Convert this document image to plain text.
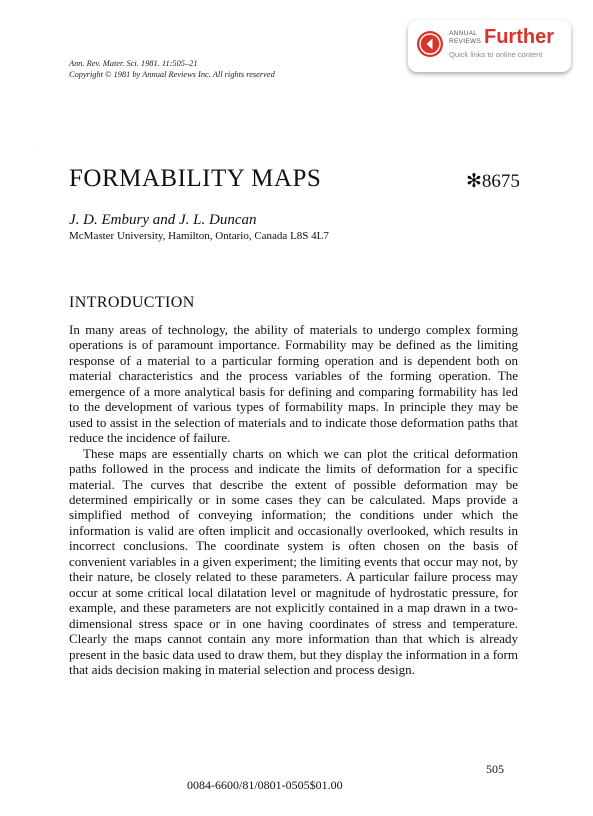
Ann. Rev. Mater. Sci. 1981. 11:505–21
Copyright © 1981 by Annual Reviews Inc. All rights reserved
ANNUAL
REVIEWS Further
Quick links to online content
·
FORMABILITY MAPS	✻8675
J. D. Embury and J. L. Duncan
McMaster University, Hamilton, Ontario, Canada L8S 4L7
INTRODUCTION

In many areas of technology, the ability of materials to undergo complex forming operations is of paramount importance. Formability may be defined as the limiting response of a material to a particular forming operation and is dependent both on material characteristics and the process variables of the forming operation. The emergence of a more analytical basis for defining and comparing formability has led to the development of various types of formability maps. In principle they may be used to assist in the selection of materials and to indicate those deformation paths that reduce the incidence of failure.

These maps are essentially charts on which we can plot the critical deformation paths followed in the process and indicate the limits of deformation for a specific material. The curves that describe the extent of possible deformation may be determined empirically or in some cases they can be calculated. Maps provide a simplified method of conveying information; the conditions under which the information is valid are often implicit and occasionally overlooked, which results in incorrect conclusions. The coordinate system is often chosen on the basis of convenient variables in a given experiment; the limiting events that occur may not, by their nature, be closely related to these parameters. A particular failure process may occur at some critical local dilatation level or magnitude of hydrostatic pressure, for example, and these parameters are not explicitly contained in a map drawn in a two-dimensional stress space or in one having coordinates of stress and temperature. Clearly the maps cannot contain any more information than that which is already present in the basic data used to draw them, but they display the information in a form that aids decision making in material selection and process design.

505
0084-6600/81/0801-0505$01.00
